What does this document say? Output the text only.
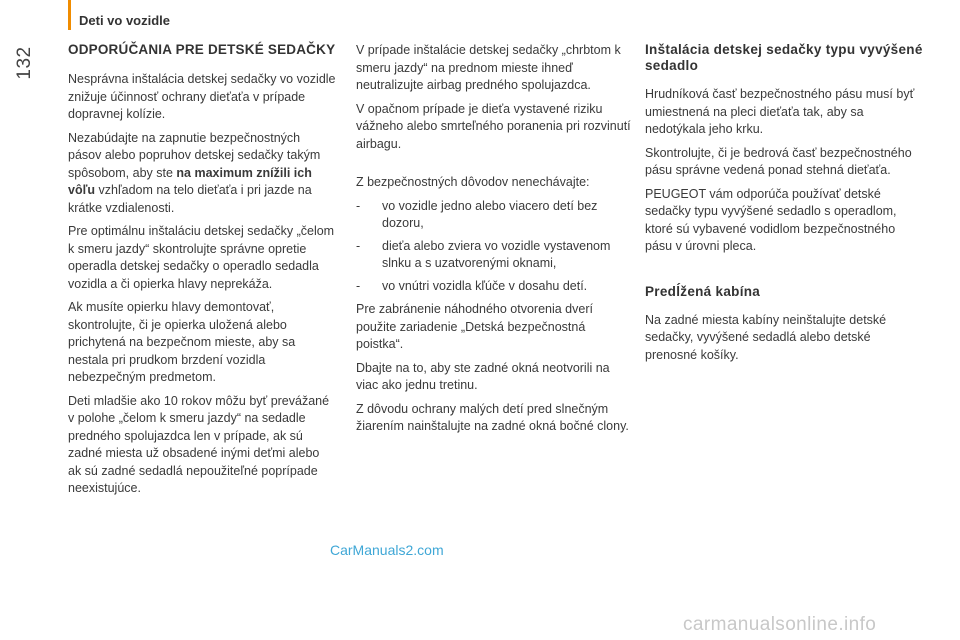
Deti vo vozidle
132 ODPORÚČANIA PRE DETSKÉ SEDAČKY

Nesprávna inštalácia detskej sedačky vo vozidle znižuje účinnosť ochrany dieťaťa v prípade dopravnej kolízie.

Nezabúdajte na zapnutie bezpečnostných pásov alebo popruhov detskej sedačky takým spôsobom, aby ste na maximum znížili ich vôľu vzhľadom na telo dieťaťa i pri jazde na krátke vzdialenosti.

Pre optimálnu inštaláciu detskej sedačky „čelom k smeru jazdy“ skontrolujte správne opretie operadla detskej sedačky o operadlo sedadla vozidla a či opierka hlavy neprekáža.

Ak musíte opierku hlavy demontovať, skontrolujte, či je opierka uložená alebo prichytená na bezpečnom mieste, aby sa nestala pri prudkom brzdení vozidla nebezpečným predmetom.

Deti mladšie ako 10 rokov môžu byť prevážané v polohe „čelom k smeru jazdy“ na sedadle predného spolujazdca len v prípade, ak sú zadné miesta už obsadené inými deťmi alebo ak sú zadné sedadlá nepoužiteľné poprípade neexistujúce.

V prípade inštalácie detskej sedačky „chrbtom k smeru jazdy“ na prednom mieste ihneď neutralizujte airbag predného spolujazdca.

V opačnom prípade je dieťa vystavené riziku vážneho alebo smrteľného poranenia pri rozvinutí airbagu.

Z bezpečnostných dôvodov nenechávajte:

- vo vozidle jedno alebo viacero detí bez dozoru,
- dieťa alebo zviera vo vozidle vystavenom slnku a s uzatvorenými oknami,
- vo vnútri vozidla kľúče v dosahu detí.

Pre zabránenie náhodného otvorenia dverí použite zariadenie „Detská bezpečnostná poistka“.

Dbajte na to, aby ste zadné okná neotvorili na viac ako jednu tretinu.

Z dôvodu ochrany malých detí pred slnečným žiarením nainštalujte na zadné okná bočné clony.

Inštalácia detskej sedačky typu vyvýšené sedadlo

Hrudníková časť bezpečnostného pásu musí byť umiestnená na pleci dieťaťa tak, aby sa nedotýkala jeho krku.

Skontrolujte, či je bedrová časť bezpečnostného pásu správne vedená ponad stehná dieťaťa.

PEUGEOT vám odporúča používať detské sedačky typu vyvýšené sedadlo s operadlom, ktoré sú vybavené vodidlom bezpečnostného pásu v úrovni pleca.

Predĺžená kabína

Na zadné miesta kabíny neinštalujte detské sedačky, vyvýšené sedadlá alebo detské prenosné košíky.

CarManuals2.com
carmanualsonline.info
